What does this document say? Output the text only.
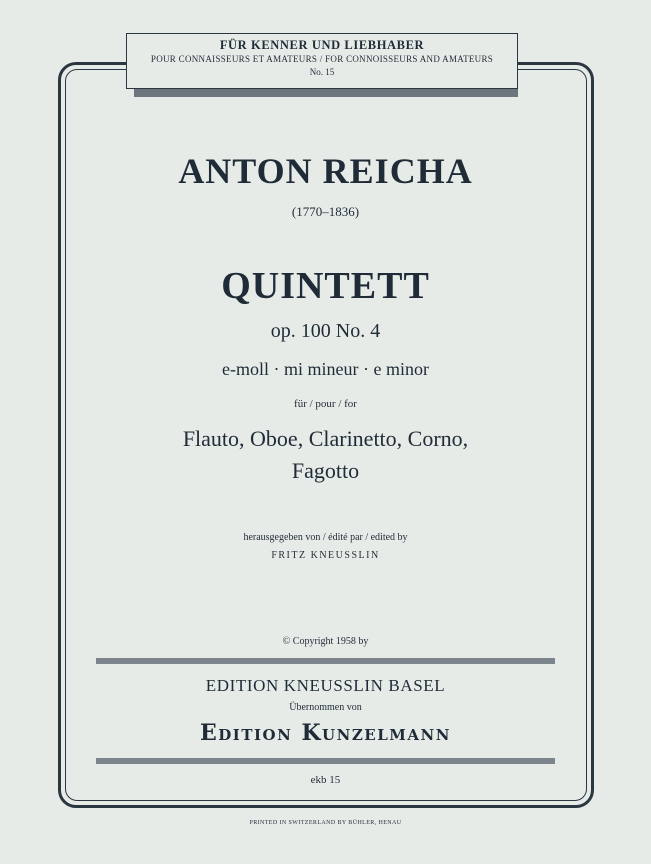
FÜR KENNER UND LIEBHABER
POUR CONNAISSEURS ET AMATEURS / FOR CONNOISSEURS AND AMATEURS
No. 15
ANTON REICHA
(1770–1836)
QUINTETT
op. 100 No. 4
e-moll · mi mineur · e minor
für / pour / for
Flauto, Oboe, Clarinetto, Corno,
Fagotto
herausgegeben von / édité par / edited by
FRITZ KNEUSSLIN
© Copyright 1958 by
EDITION KNEUSSLIN BASEL
Übernommen von
Edition Kunzelmann
ekb 15
PRINTED IN SWITZERLAND BY BÜHLER, HENAU
